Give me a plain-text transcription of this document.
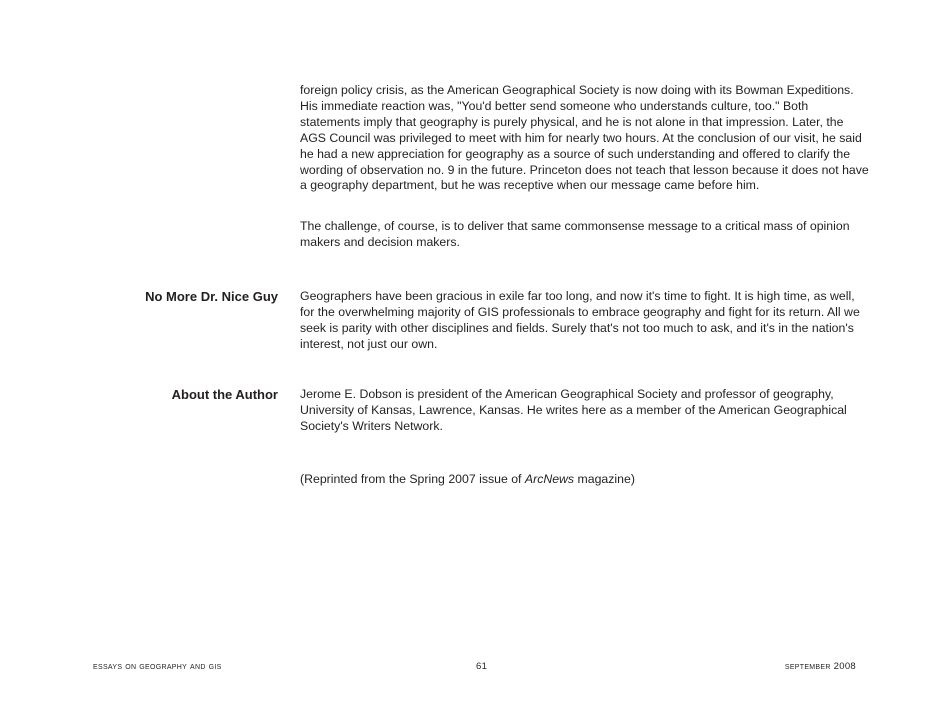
foreign policy crisis, as the American Geographical Society is now doing with its Bowman Expeditions. His immediate reaction was, "You'd better send someone who understands culture, too." Both statements imply that geography is purely physical, and he is not alone in that impression. Later, the AGS Council was privileged to meet with him for nearly two hours. At the conclusion of our visit, he said he had a new appreciation for geography as a source of such understanding and offered to clarify the wording of observation no. 9 in the future. Princeton does not teach that lesson because it does not have a geography department, but he was receptive when our message came before him.

The challenge, of course, is to deliver that same commonsense message to a critical mass of opinion makers and decision makers.

No More Dr. Nice Guy Geographers have been gracious in exile far too long, and now it's time to fight. It is high time, as well, for the overwhelming majority of GIS professionals to embrace geography and fight for its return. All we seek is parity with other disciplines and fields. Surely that's not too much to ask, and it's in the nation's interest, not just our own.

About the Author Jerome E. Dobson is president of the American Geographical Society and professor of geography, University of Kansas, Lawrence, Kansas. He writes here as a member of the American Geographical Society's Writers Network.

(Reprinted from the Spring 2007 issue of ArcNews magazine)

essays on geography and gis	61	september 2008
